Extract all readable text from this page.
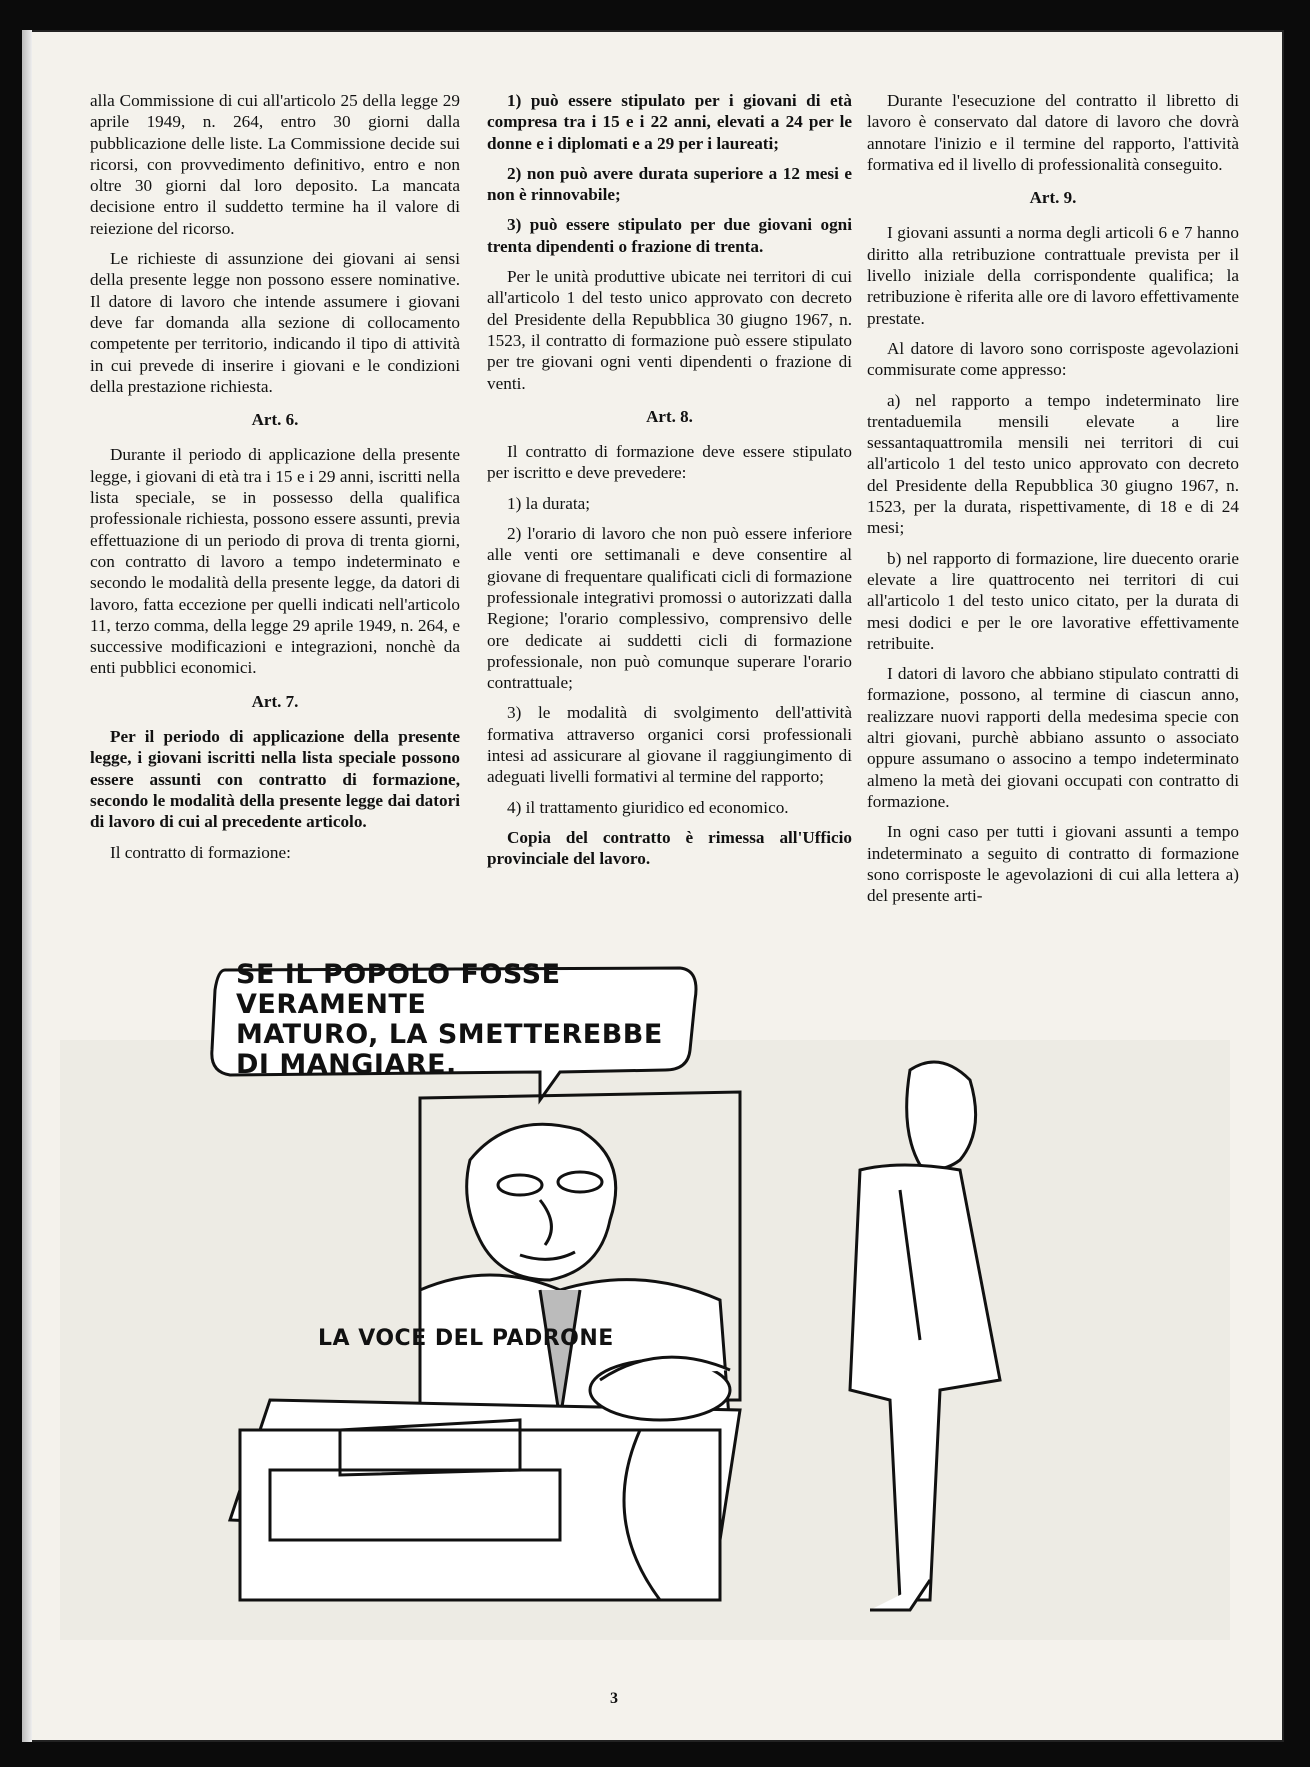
alla Commissione di cui all'articolo 25 della legge 29 aprile 1949, n. 264, entro 30 giorni dalla pubblicazione delle liste. La Commissione decide sui ricorsi, con provvedimento definitivo, entro e non oltre 30 giorni dal loro deposito. La mancata decisione entro il suddetto termine ha il valore di reiezione del ricorso.

Le richieste di assunzione dei giovani ai sensi della presente legge non possono essere nominative. Il datore di lavoro che intende assumere i giovani deve far domanda alla sezione di collocamento competente per territorio, indicando il tipo di attività in cui prevede di inserire i giovani e le condizioni della prestazione richiesta.

Art. 6.

Durante il periodo di applicazione della presente legge, i giovani di età tra i 15 e i 29 anni, iscritti nella lista speciale, se in possesso della qualifica professionale richiesta, possono essere assunti, previa effettuazione di un periodo di prova di trenta giorni, con contratto di lavoro a tempo indeterminato e secondo le modalità della presente legge, da datori di lavoro, fatta eccezione per quelli indicati nell'articolo 11, terzo comma, della legge 29 aprile 1949, n. 264, e successive modificazioni e integrazioni, nonchè da enti pubblici economici.

Art. 7.

Per il periodo di applicazione della presente legge, i giovani iscritti nella lista speciale possono essere assunti con contratto di formazione, secondo le modalità della presente legge dai datori di lavoro di cui al precedente articolo.

Il contratto di formazione:

1) può essere stipulato per i giovani di età compresa tra i 15 e i 22 anni, elevati a 24 per le donne e i diplomati e a 29 per i laureati;

2) non può avere durata superiore a 12 mesi e non è rinnovabile;

3) può essere stipulato per due giovani ogni trenta dipendenti o frazione di trenta.

Per le unità produttive ubicate nei territori di cui all'articolo 1 del testo unico approvato con decreto del Presidente della Repubblica 30 giugno 1967, n. 1523, il contratto di formazione può essere stipulato per tre giovani ogni venti dipendenti o frazione di venti.

Art. 8.

Il contratto di formazione deve essere stipulato per iscritto e deve prevedere:

1) la durata;

2) l'orario di lavoro che non può essere inferiore alle venti ore settimanali e deve consentire al giovane di frequentare qualificati cicli di formazione professionale integrativi promossi o autorizzati dalla Regione; l'orario complessivo, comprensivo delle ore dedicate ai suddetti cicli di formazione professionale, non può comunque superare l'orario contrattuale;

3) le modalità di svolgimento dell'attività formativa attraverso organici corsi professionali intesi ad assicurare al giovane il raggiungimento di adeguati livelli formativi al termine del rapporto;

4) il trattamento giuridico ed economico.

Copia del contratto è rimessa all'Ufficio provinciale del lavoro.

Durante l'esecuzione del contratto il libretto di lavoro è conservato dal datore di lavoro che dovrà annotare l'inizio e il termine del rapporto, l'attività formativa ed il livello di professionalità conseguito.

Art. 9.

I giovani assunti a norma degli articoli 6 e 7 hanno diritto alla retribuzione contrattuale prevista per il livello iniziale della corrispondente qualifica; la retribuzione è riferita alle ore di lavoro effettivamente prestate.

Al datore di lavoro sono corrisposte agevolazioni commisurate come appresso:

a) nel rapporto a tempo indeterminato lire trentaduemila mensili elevate a lire sessantaquattromila mensili nei territori di cui all'articolo 1 del testo unico approvato con decreto del Presidente della Repubblica 30 giugno 1967, n. 1523, per la durata, rispettivamente, di 18 e di 24 mesi;

b) nel rapporto di formazione, lire duecento orarie elevate a lire quattrocento nei territori di cui all'articolo 1 del testo unico citato, per la durata di mesi dodici e per le ore lavorative effettivamente retribuite.

I datori di lavoro che abbiano stipulato contratti di formazione, possono, al termine di ciascun anno, realizzare nuovi rapporti della medesima specie con altri giovani, purchè abbiano assunto o associato oppure assumano o associno a tempo indeterminato almeno la metà dei giovani occupati con contratto di formazione.

In ogni caso per tutti i giovani assunti a tempo indeterminato a seguito di contratto di formazione sono corrisposte le agevolazioni di cui alla lettera a) del presente arti-

SE IL POPOLO FOSSE VERAMENTE
MATURO, LA SMETTEREBBE
DI MANGIARE.
LA VOCE DEL PADRONE
3
